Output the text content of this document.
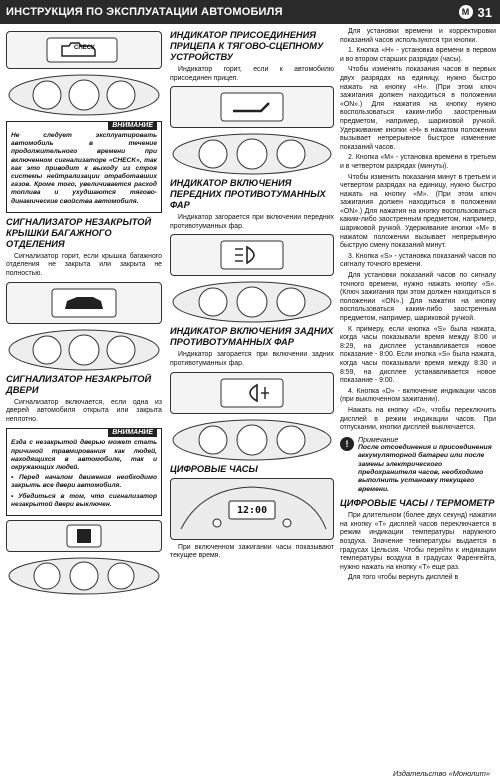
ИНСТРУКЦИЯ ПО ЭКСПЛУАТАЦИИ АВТОМОБИЛЯ	M 31
CHECK
ВНИМАНИЕ

Не следует эксплуатировать автомобиль в течение продолжительного времени при включенном сигнализаторе «CHECK», так как это приводит к выходу из строя системы нейтрализации отработавших газов. Кроме того, увеличивается расход топлива и ухудшаются тягово-динамические свойства автомобиля.

СИГНАЛИЗАТОР НЕЗАКРЫТОЙ КРЫШКИ БАГАЖНОГО ОТДЕЛЕНИЯ

Сигнализатор горит, если крышка багажного отделения не закрыта или закрыта не полностью.

СИГНАЛИЗАТОР НЕЗАКРЫТОЙ ДВЕРИ

Сигнализатор включается, если одна из дверей автомобиля открыта или закрыта неплотно.

ВНИМАНИЕ

Езда с незакрытой дверью может стать причиной травмирования как людей, находящихся в автомобиле, так и окружающих людей.

• Перед началом движения необходимо закрыть все двери автомобиля.

• Убедиться в том, что сигнализатор незакрытой двери выключен.

ИНДИКАТОР ПРИСОЕДИНЕНИЯ ПРИЦЕПА К ТЯГОВО-СЦЕПНОМУ УСТРОЙСТВУ

Индикатор горит, если к автомобилю присоединен прицеп.

ИНДИКАТОР ВКЛЮЧЕНИЯ ПЕРЕДНИХ ПРОТИВОТУМАННЫХ ФАР

Индикатор загорается при включении передних противотуманных фар.

ИНДИКАТОР ВКЛЮЧЕНИЯ ЗАДНИХ ПРОТИВОТУМАННЫХ ФАР

Индикатор загорается при включении задних противотуманных фар.

ЦИФРОВЫЕ ЧАСЫ
12:00

При включенном зажигании часы показывают текущее время.

Для установки времени и корректировки показаний часов используются три кнопки.

1. Кнопка «Н» - установка времени в первом и во втором старших разрядах (часы).

Чтобы изменить показания часов в первых двух разрядах на единицу, нужно быстро нажать на кнопку «Н». (При этом ключ зажигания должен находиться в положении «ON».) Для нажатия на кнопку нужно воспользоваться каким-либо заостренным предметом, например, шариковой ручкой. Удерживание кнопки «Н» в нажатом положении вызывает непрерывное быстрое изменение показаний часов.

2. Кнопка «М» - установка времени в третьем и в четвертом разрядах (минуты).

Чтобы изменить показания минут в третьем и четвертом разрядах на единицу, нужно быстро нажать на кнопку «М». (При этом ключ зажигания должен находиться в положении «ON».) Для нажатия на кнопку воспользоваться каким-либо заостренным предметом, например, шариковой ручкой. Удерживание кнопки «М» в нажатом положении вызывает непрерывную быструю смену показаний минут.

3. Кнопка «S» - установка показаний часов по сигналу точного времени.

Для установки показаний часов по сигналу точного времени, нужно нажать кнопку «S». (Ключ зажигания при этом должен находиться в положении «ON».) Для нажатия на кнопку воспользоваться каким-либо заостренным предметом, например, шариковой ручкой.

К примеру, если кнопка «S» была нажата, когда часы показывали время между 8:00 и 8:29, на дисплее устанавливается новое показание - 8:00. Если кнопка «S» была нажата, когда часы показывали время между 8:30 и 8:59, на дисплее устанавливается новое показание - 9:00.

4. Кнопка «D» - включение индикации часов (при выключенном зажигании).

Нажать на кнопку «D», чтобы переключить дисплей в режим индикации часов. При отпускании, кнопки дисплей выключается.

!	Примечание
После отсоединения и присоединения аккумуляторной батареи или после замены электрического предохранителя часов, необходимо выполнить установку текущего времени.
ЦИФРОВЫЕ ЧАСЫ / ТЕРМОМЕТР

При длительном (более двух секунд) нажатии на кнопку «Т» дисплей часов переключается в режим индикации температуры наружного воздуха. Значение температуры выдается в градусах Цельсия. Чтобы перейти к индикации температуры воздуха в градусах Фаренгейта, нужно нажать на кнопку «Т» еще раз.

Для того чтобы вернуть дисплей в

Издательство «Монолит»
